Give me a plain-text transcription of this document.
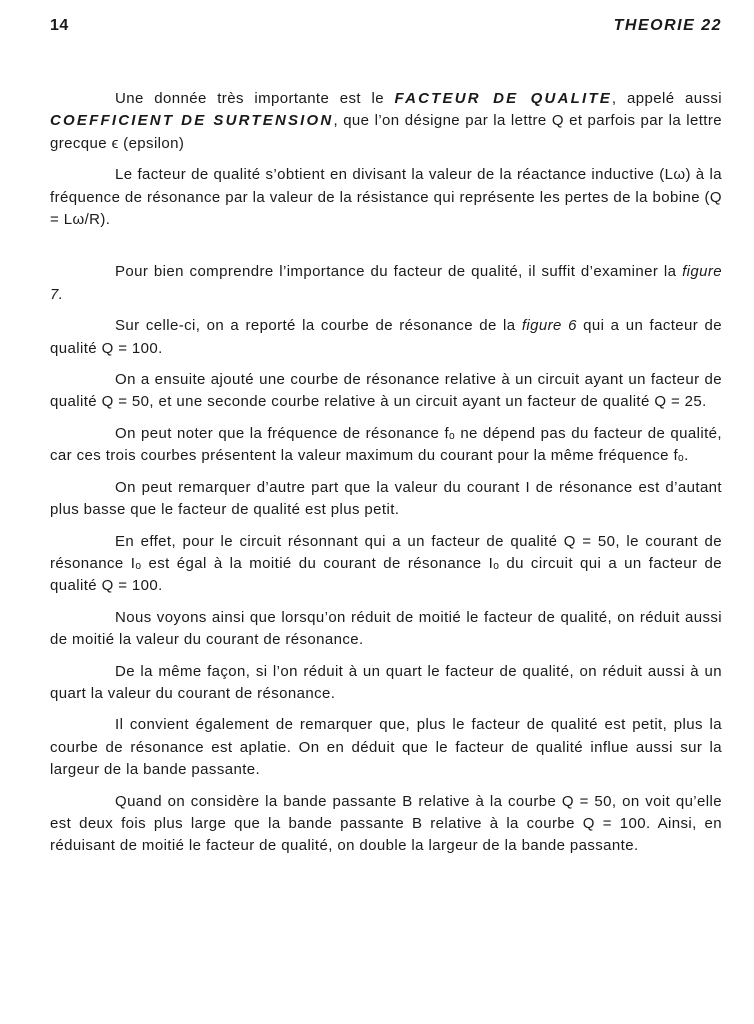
14	THEORIE 22

Une donnée très importante est le FACTEUR DE QUALITE, appelé aussi COEFFICIENT DE SURTENSION, que l’on désigne par la lettre Q et parfois par la lettre grecque ϵ (epsilon)

Le facteur de qualité s’obtient en divisant la valeur de la réactance inductive (Lω) à la fréquence de résonance par la valeur de la résistance qui représente les pertes de la bobine (Q = Lω/R).

Pour bien comprendre l’importance du facteur de qualité, il suffit d’examiner la figure 7.

Sur celle-ci, on a reporté la courbe de résonance de la figure 6 qui a un facteur de qualité Q = 100.

On a ensuite ajouté une courbe de résonance relative à un circuit ayant un facteur de qualité Q = 50, et une seconde courbe relative à un circuit ayant un facteur de qualité Q = 25.

On peut noter que la fréquence de résonance fₒ ne dépend pas du facteur de qualité, car ces trois courbes présentent la valeur maximum du courant pour la même fréquence fₒ.

On peut remarquer d’autre part que la valeur du courant I de résonance est d’autant plus basse que le facteur de qualité est plus petit.

En effet, pour le circuit résonnant qui a un facteur de qualité Q = 50, le courant de résonance Iₒ est égal à la moitié du courant de résonance Iₒ du circuit qui a un facteur de qualité Q = 100.

Nous voyons ainsi que lorsqu’on réduit de moitié le facteur de qualité, on réduit aussi de moitié la valeur du courant de résonance.

De la même façon, si l’on réduit à un quart le facteur de qualité, on réduit aussi à un quart la valeur du courant de résonance.

Il convient également de remarquer que, plus le facteur de qualité est petit, plus la courbe de résonance est aplatie. On en déduit que le facteur de qualité influe aussi sur la largeur de la bande passante.

Quand on considère la bande passante B relative à la courbe Q = 50, on voit qu’elle est deux fois plus large que la bande passante B relative à la courbe Q = 100. Ainsi, en réduisant de moitié le facteur de qualité, on double la largeur de la bande passante.
